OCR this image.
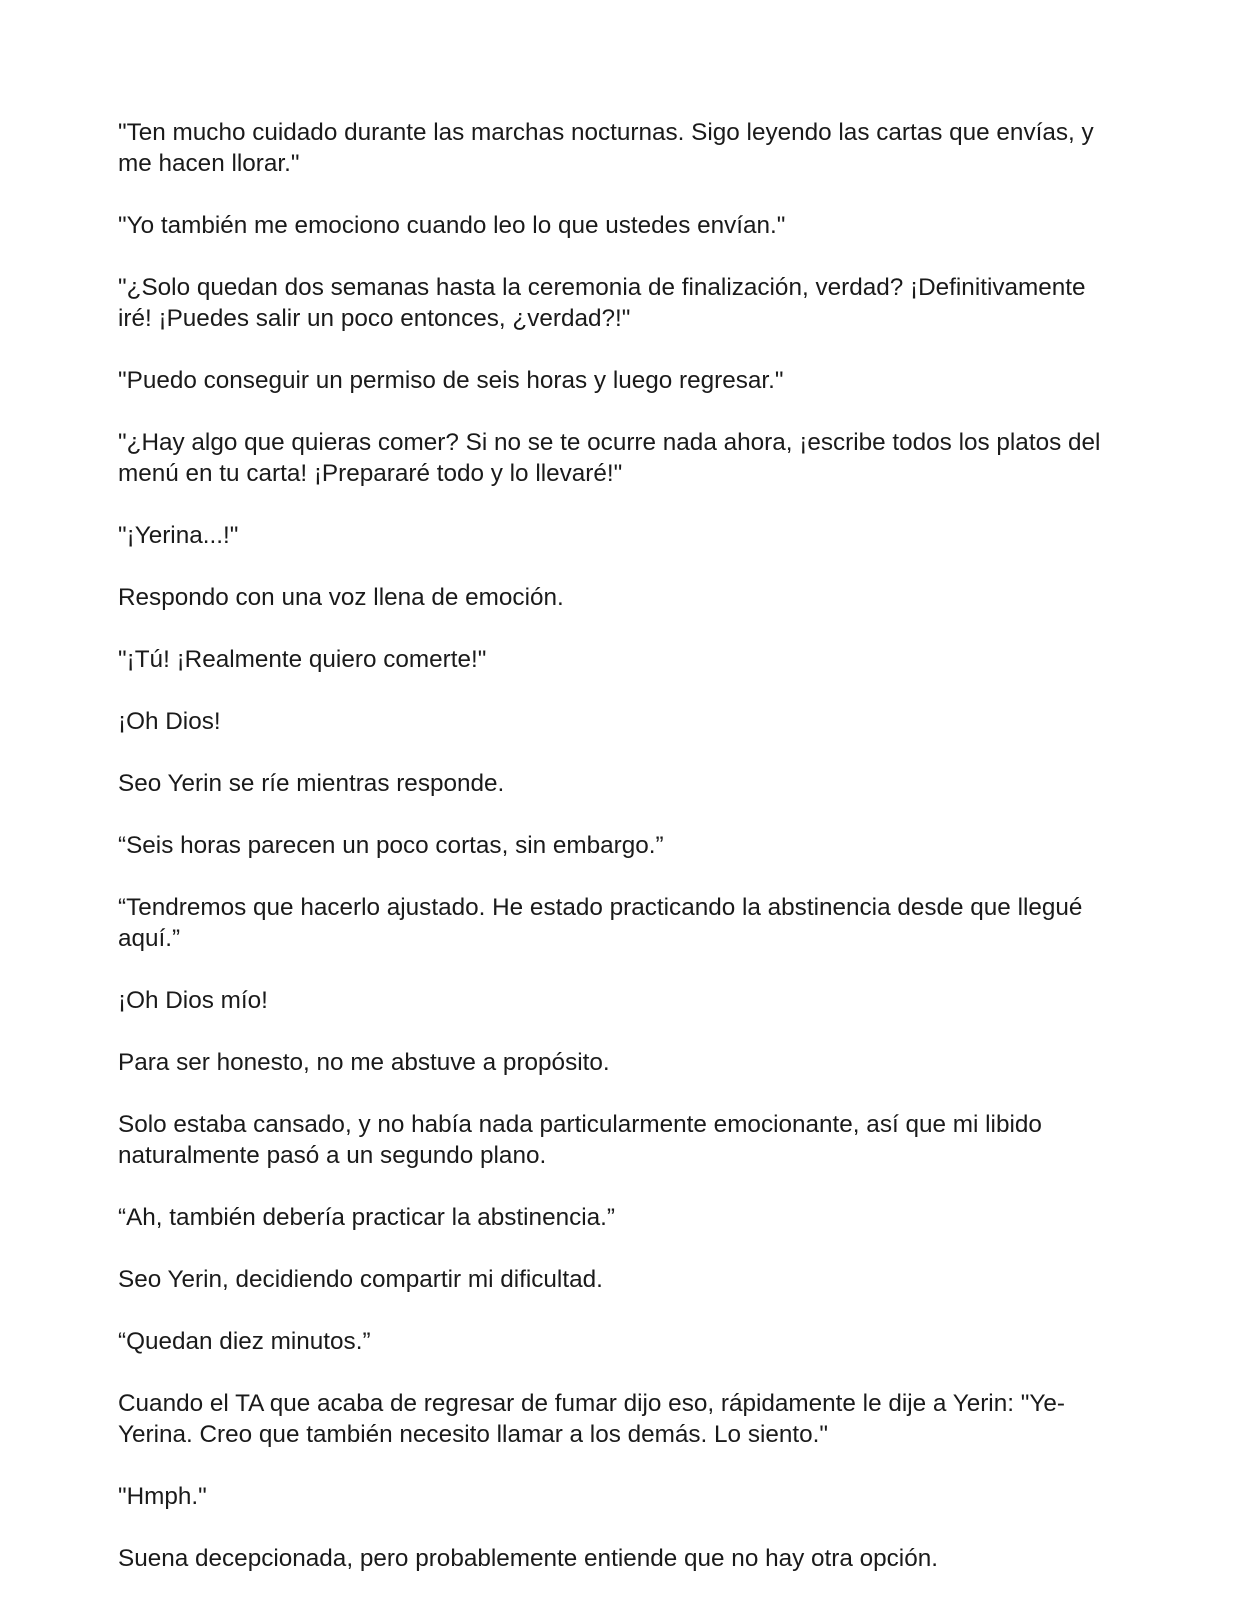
"Ten mucho cuidado durante las marchas nocturnas. Sigo leyendo las cartas que envías, y me hacen llorar."

"Yo también me emociono cuando leo lo que ustedes envían."

"¿Solo quedan dos semanas hasta la ceremonia de finalización, verdad? ¡Definitivamente iré! ¡Puedes salir un poco entonces, ¿verdad?!"

"Puedo conseguir un permiso de seis horas y luego regresar."

"¿Hay algo que quieras comer? Si no se te ocurre nada ahora, ¡escribe todos los platos del menú en tu carta! ¡Prepararé todo y lo llevaré!"

"¡Yerina...!"

Respondo con una voz llena de emoción.

"¡Tú! ¡Realmente quiero comerte!"

¡Oh Dios!

Seo Yerin se ríe mientras responde.

“Seis horas parecen un poco cortas, sin embargo.”

“Tendremos que hacerlo ajustado. He estado practicando la abstinencia desde que llegué aquí.”

¡Oh Dios mío!

Para ser honesto, no me abstuve a propósito.

Solo estaba cansado, y no había nada particularmente emocionante, así que mi libido naturalmente pasó a un segundo plano.

“Ah, también debería practicar la abstinencia.”

Seo Yerin, decidiendo compartir mi dificultad.

“Quedan diez minutos.”

Cuando el TA que acaba de regresar de fumar dijo eso, rápidamente le dije a Yerin: "Ye-Yerina. Creo que también necesito llamar a los demás. Lo siento."

"Hmph."

Suena decepcionada, pero probablemente entiende que no hay otra opción.
